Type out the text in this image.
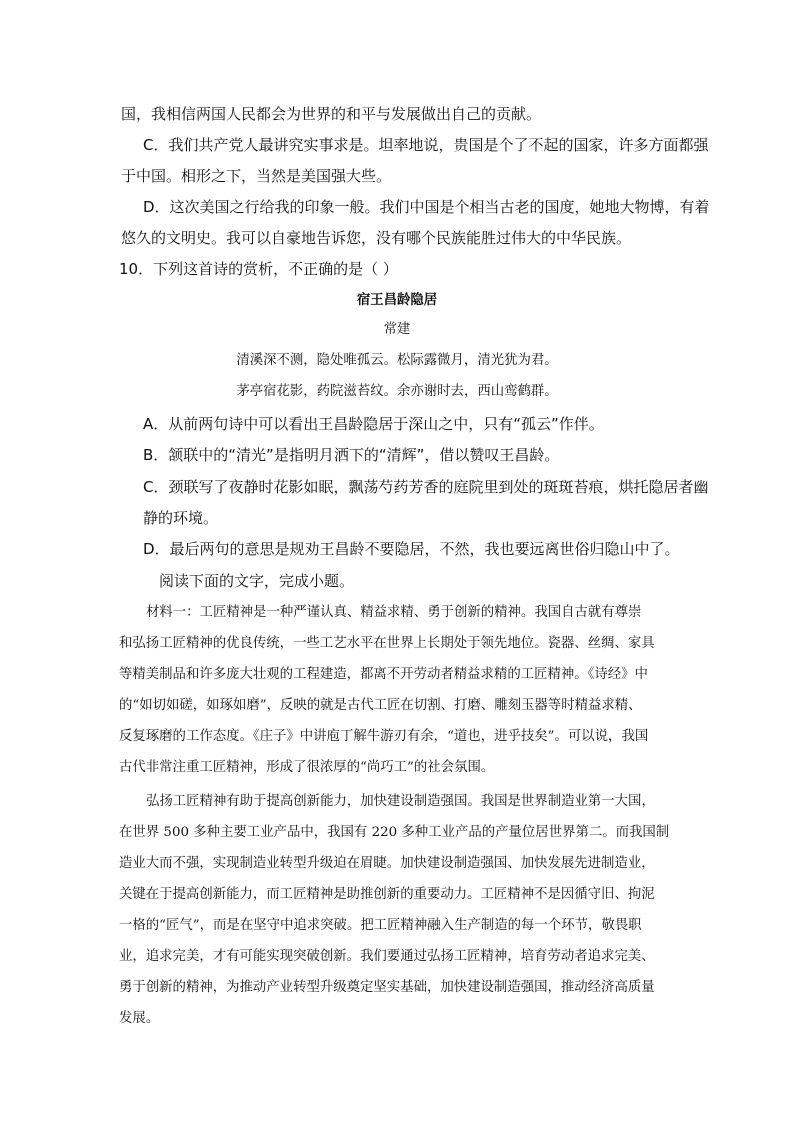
国，我相信两国人民都会为世界的和平与发展做出自己的贡献。
C．我们共产党人最讲究实事求是。坦率地说，贵国是个了不起的国家，许多方面都强
于中国。相形之下，当然是美国强大些。
D．这次美国之行给我的印象一般。我们中国是个相当古老的国度，她地大物博，有着
悠久的文明史。我可以自豪地告诉您，没有哪个民族能胜过伟大的中华民族。
10．下列这首诗的赏析，不正确的是（ ）
宿王昌龄隐居
常建
清溪深不测，隐处唯孤云。松际露微月，清光犹为君。
茅亭宿花影，药院滋苔纹。余亦谢时去，西山鸾鹤群。
A．从前两句诗中可以看出王昌龄隐居于深山之中，只有“孤云”作伴。
B．颔联中的“清光”是指明月洒下的“清辉”，借以赞叹王昌龄。
C．颈联写了夜静时花影如眠，飘荡芍药芳香的庭院里到处的斑斑苔痕，烘托隐居者幽
静的环境。
D．最后两句的意思是规劝王昌龄不要隐居，不然，我也要远离世俗归隐山中了。
阅读下面的文字，完成小题。
材料一：工匠精神是一种严谨认真、精益求精、勇于创新的精神。我国自古就有尊崇
和弘扬工匠精神的优良传统，一些工艺水平在世界上长期处于领先地位。瓷器、丝绸、家具
等精美制品和许多庞大壮观的工程建造，都离不开劳动者精益求精的工匠精神。《诗经》中
的“如切如磋，如琢如磨”，反映的就是古代工匠在切割、打磨、雕刻玉器等时精益求精、
反复琢磨的工作态度。《庄子》中讲庖丁解牛游刃有余，“道也，进乎技矣”。可以说，我国
古代非常注重工匠精神，形成了很浓厚的“尚巧工”的社会氛围。
弘扬工匠精神有助于提高创新能力，加快建设制造强国。我国是世界制造业第一大国，
在世界 500 多种主要工业产品中，我国有 220 多种工业产品的产量位居世界第二。而我国制
造业大而不强，实现制造业转型升级迫在眉睫。加快建设制造强国、加快发展先进制造业，
关键在于提高创新能力，而工匠精神是助推创新的重要动力。工匠精神不是因循守旧、拘泥
一格的“匠气”，而是在坚守中追求突破。把工匠精神融入生产制造的每一个环节，敬畏职
业，追求完美，才有可能实现突破创新。我们要通过弘扬工匠精神，培育劳动者追求完美、
勇于创新的精神，为推动产业转型升级奠定坚实基础，加快建设制造强国，推动经济高质量
发展。
